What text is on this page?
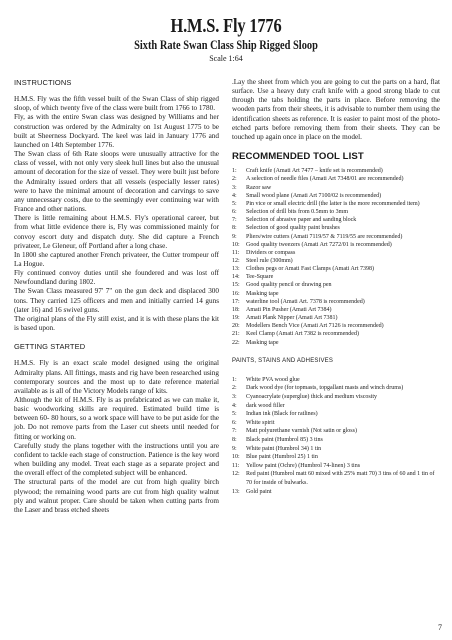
H.M.S. Fly 1776
Sixth Rate Swan Class Ship Rigged Sloop
Scale 1:64
INSTRUCTIONS

H.M.S. Fly was the fifth vessel built of the Swan Class of ship rigged sloop, of which twenty five of the class were built from 1766 to 1780.

Fly, as with the entire Swan class was designed by Williams and her construction was ordered by the Admiralty on 1st August 1775 to be built at Sheerness Dockyard. The keel was laid in January 1776 and launched on 14th September 1776.

The Swan class of 6th Rate sloops were unusually attractive for the class of vessel, with not only very sleek hull lines but also the unusual amount of decoration for the size of vessel. They were built just before the Admiralty issued orders that all vessels (especially lesser rates) were to have the minimal amount of decoration and carvings to save any unnecessary costs, due to the seemingly ever continuing war with France and other nations.

There is little remaining about H.M.S. Fly's operational career, but from what little evidence there is, Fly was commissioned mainly for convoy escort duty and dispatch duty. She did capture a French privateer, Le Gleneur, off Portland after a long chase.

In 1800 she captured another French privateer, the Cutter trompeur off La Hogue.

Fly continued convoy duties until she foundered and was lost off Newfoundland during 1802.

The Swan Class measured 97' 7" on the gun deck and displaced 300 tons. They carried 125 officers and men and initially carried 14 guns (later 16) and 16 swivel guns.

The original plans of the Fly still exist, and it is with these plans the kit is based upon.

GETTING STARTED

H.M.S. Fly is an exact scale model designed using the original Admiralty plans. All fittings, masts and rig have been researched using contemporary sources and the most up to date reference material available as is all of the Victory Models range of kits.

Although the kit of H.M.S. Fly is as prefabricated as we can make it, basic woodworking skills are required. Estimated build time is between 60- 80 hours, so a work space will have to be put aside for the job. Do not remove parts from the Laser cut sheets until needed for fitting or working on.

Carefully study the plans together with the instructions until you are confident to tackle each stage of construction. Patience is the key word when building any model. Treat each stage as a separate project and the overall effect of the completed subject will be enhanced.

The structural parts of the model are cut from high quality birch plywood; the remaining wood parts are cut from high quality walnut ply and walnut proper. Care should be taken when cutting parts from the Laser and brass etched sheets

.Lay the sheet from which you are going to cut the parts on a hard, flat surface. Use a heavy duty craft knife with a good strong blade to cut through the tabs holding the parts in place. Before removing the wooden parts from their sheets, it is advisable to number them using the identification sheets as reference. It is easier to paint most of the photo-etched parts before removing them from their sheets. They can be touched up again once in place on the model.

RECOMMENDED TOOL LIST
1:	Craft knife (Amati Art 7477 – knife set is recommended)
2:	A selection of needle files (Amati Art 7348/01 are recommended)
3:	Razor saw
4:	Small wood plane (Amati Art 7100/02 is recommended)
5:	Pin vice or small electric drill (the latter is the more recommended item)
6:	Selection of drill bits from 0.5mm to 3mm
7:	Selection of abrasive paper and sanding block
8:	Selection of good quality paint brushes
9:	Pliers/wire cutters (Amati 7119/57 & 7119/55 are recommended)
10:	Good quality tweezers (Amati Art 7272/01 is recommended)
11:	Dividers or compass
12:	Steel rule (300mm)
13:	Clothes pegs or Amati Fast Clamps (Amati Art 7398)
14:	Tee-Square
15:	Good quality pencil or drawing pen
16:	Masking tape
17:	waterline tool (Amati Art. 7378 is recommended)
18:	Amati Pin Pusher (Amati Art 7384)
19:	Amati Plank Nipper (Amati Art 7381)
20:	Modellers Bench Vice (Amati Art 7126 is recommended)
21:	Keel Clamp (Amati Art 7382 is recommended)
22:	Masking tape
PAINTS, STAINS AND ADHESIVES
1:	White PVA wood glue
2:	Dark wood dye (for topmasts, topgallant masts and winch drums)
3:	Cyanoacrylate (superglue) thick and medium viscosity
4:	dark wood filler
5:	Indian ink (Black for ratlines)
6:	White spirit
7:	Matt polyurethane varnish (Not satin or gloss)
8:	Black paint (Humbrol 85) 3 tins
9:	White paint (Humbrol 34) 1 tin
10:	Blue paint (Humbrol 25) 1 tin
11:	Yellow paint (Ochre) (Humbrol 74-linen) 3 tins
12:	Red paint (Humbrol matt 60 mixed with 25% matt 70) 3 tins of 60 and 1 tin of 70 for inside of bulwarks.
13:	Gold paint
7
